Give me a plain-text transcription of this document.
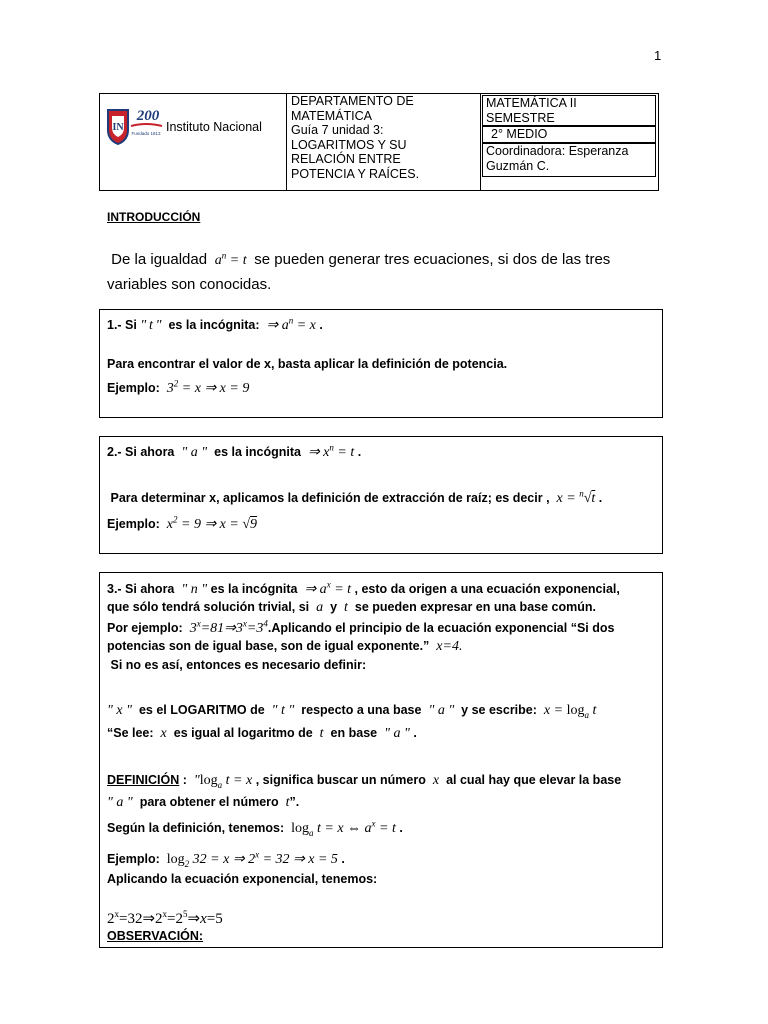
1
IN
200
Fundado 1813 Instituto Nacional
DEPARTAMENTO DE
MATEMÁTICA
Guía 7 unidad 3:
LOGARITMOS Y SU
RELACIÓN ENTRE
POTENCIA Y RAÍCES.
MATEMÁTICA II
SEMESTRE
2° MEDIO
Coordinadora: Esperanza
Guzmán C.
INTRODUCCIÓN
De la igualdad  $a^n = t$  se pueden generar tres ecuaciones, si dos de las tres variables son conocidas.
1.- Si " t " es la incógnita:  ⇒ $a^n = x$ .
Para encontrar el valor de x, basta aplicar la definición de potencia.
Ejemplo:  $3^2 = x$ ⇒ x = 9
2.- Si ahora  " a "  es la incógnita  ⇒ $x^n = t$ .
Para determinar x, aplicamos la definición de extracción de raíz; es decir ,  x = $^n$√t .
Ejemplo:  $x^2 = 9$ ⇒ x = √9
3.- Si ahora  " n " es la incógnita  ⇒ $a^x = t$ , esto da origen a una ecuación exponencial,
que sólo tendrá solución trivial, si  a  y  t  se pueden expresar en una base común.
Por ejemplo:  $3^x=81\Rightarrow 3^x=3^4.Aplicando$ el principio de la ecuación exponencial “Si dos
potencias son de igual base, son de igual exponente.”  x=4.
Si no es así, entonces es necesario definir:
" x " es el LOGARITMO de  " t " respecto a una base  " a " y se escribe:  $x = \log_a t$
“Se lee:  x  es igual al logaritmo de  t  en base  " a " .
DEFINICIÓN :  "$\log_a$ t = x , significa buscar un número  x  al cual hay que elevar la base
" a " para obtener el número  t”.
Según la definición, tenemos: $\log_a t = x$ ⇔ $a^x = t$ .
Ejemplo: $\log_2 32 = x$ ⇒ $2^x = 32$ ⇒ x = 5 .
Aplicando la ecuación exponencial, tenemos:
$2^x=32\Rightarrow 2^x=2^5\Rightarrow x=5$
OBSERVACIÓN:
